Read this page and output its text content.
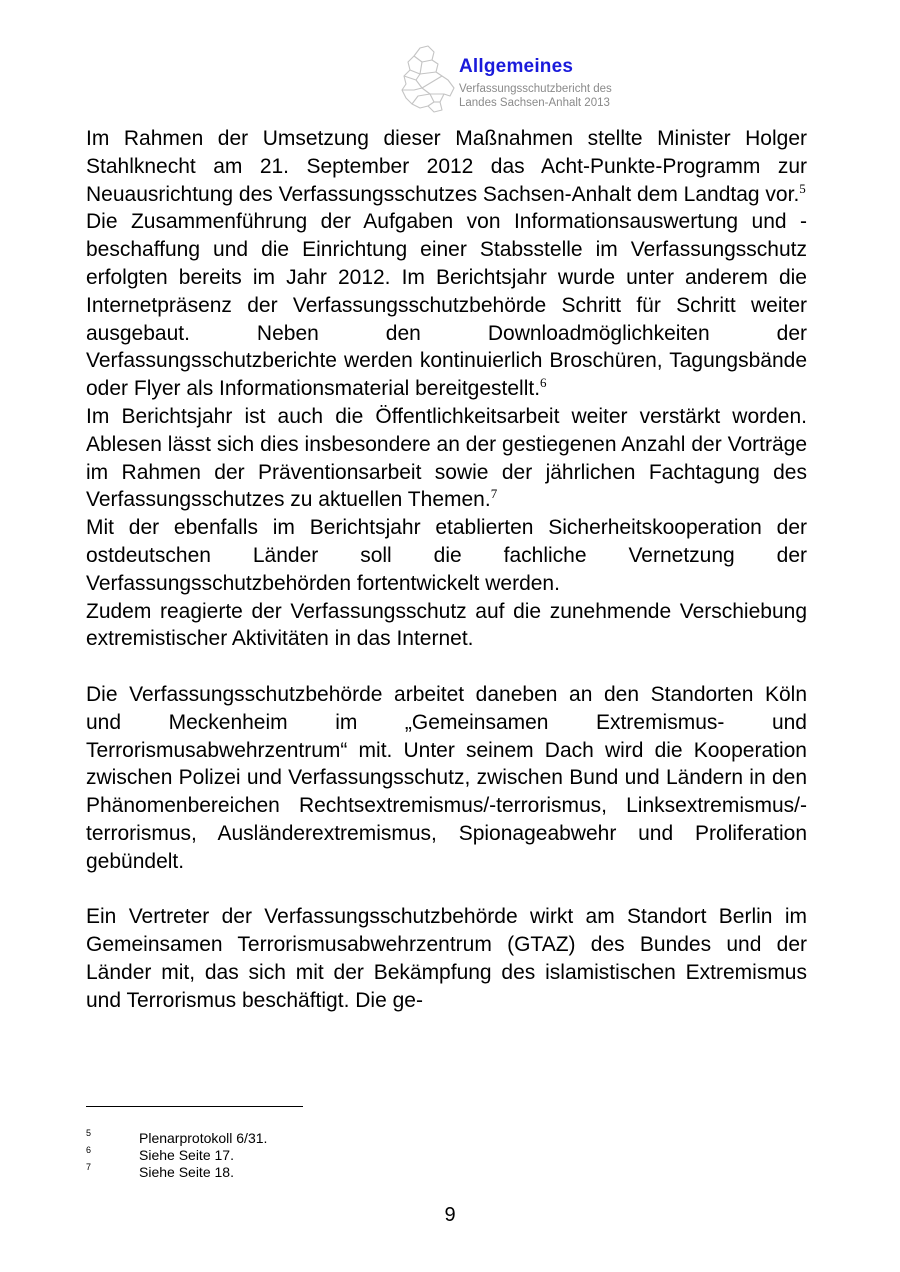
Allgemeines
Verfassungsschutzbericht des
Landes Sachsen-Anhalt 2013

Im Rahmen der Umsetzung dieser Maßnahmen stellte Minister Holger Stahlknecht am 21. September 2012 das Acht-Punkte-Programm zur Neuausrichtung des Verfassungsschutzes Sachsen-Anhalt dem Landtag vor.$^5$

Die Zusammenführung der Aufgaben von Informationsauswertung und -beschaffung und die Einrichtung einer Stabsstelle im Verfassungsschutz erfolgten bereits im Jahr 2012. Im Berichtsjahr wurde unter anderem die Internetpräsenz der Verfassungsschutzbehörde Schritt für Schritt weiter ausgebaut. Neben den Downloadmöglichkeiten der Verfassungsschutzberichte werden kontinuierlich Broschüren, Tagungsbände oder Flyer als Informationsmaterial bereitgestellt.$^6$

Im Berichtsjahr ist auch die Öffentlichkeitsarbeit weiter verstärkt worden. Ablesen lässt sich dies insbesondere an der gestiegenen Anzahl der Vorträge im Rahmen der Präventionsarbeit sowie der jährlichen Fachtagung des Verfassungsschutzes zu aktuellen Themen.$^7$

Mit der ebenfalls im Berichtsjahr etablierten Sicherheitskooperation der ostdeutschen Länder soll die fachliche Vernetzung der Verfassungsschutzbehörden fortentwickelt werden.

Zudem reagierte der Verfassungsschutz auf die zunehmende Verschiebung extremistischer Aktivitäten in das Internet.

Die Verfassungsschutzbehörde arbeitet daneben an den Standorten Köln und Meckenheim im „Gemeinsamen Extremismus- und Terrorismusabwehrzentrum“ mit. Unter seinem Dach wird die Kooperation zwischen Polizei und Verfassungsschutz, zwischen Bund und Ländern in den Phänomenbereichen Rechtsextremismus/-terrorismus, Linksextremismus/-terrorismus, Ausländerextremismus, Spionageabwehr und Proliferation gebündelt.

Ein Vertreter der Verfassungsschutzbehörde wirkt am Standort Berlin im Gemeinsamen Terrorismusabwehrzentrum (GTAZ) des Bundes und der Länder mit, das sich mit der Bekämpfung des islamistischen Extremismus und Terrorismus beschäftigt. Die ge-

5	Plenarprotokoll 6/31.
6	Siehe Seite 17.
7	Siehe Seite 18.
9
